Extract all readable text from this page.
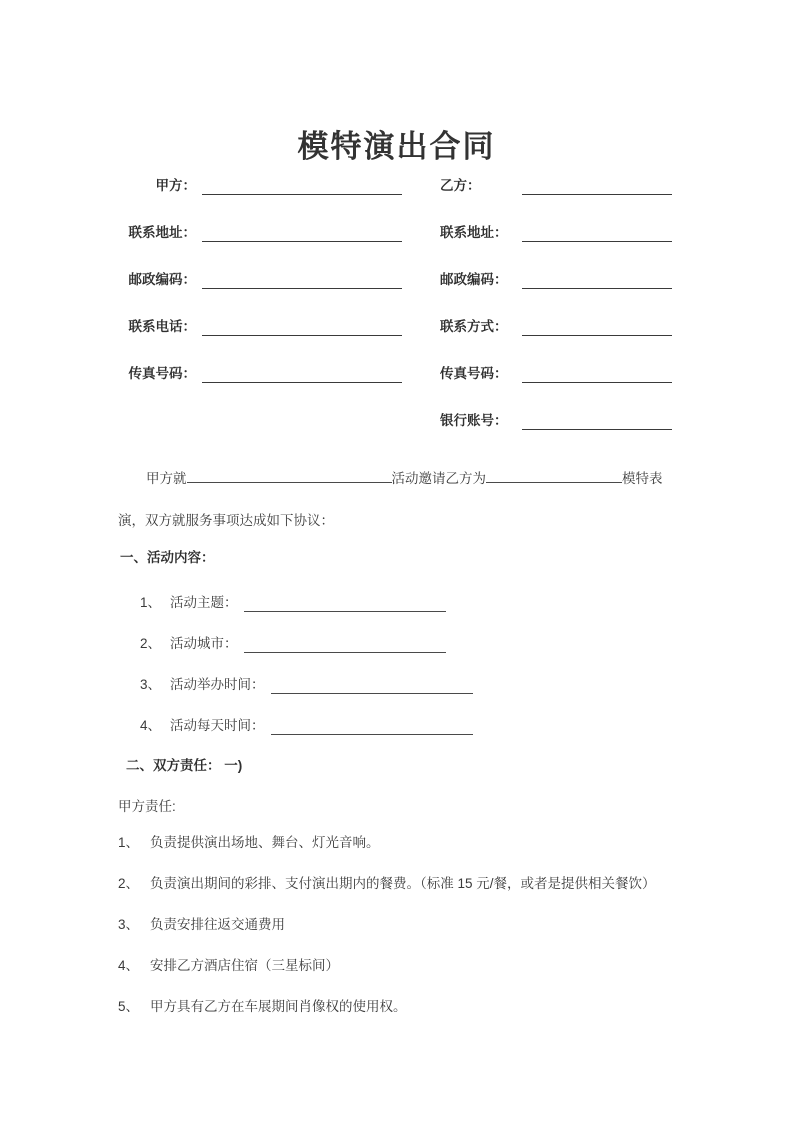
模特演出合同
甲方：
联系地址：
邮政编码：
联系电话：
传真号码：
乙方：
联系地址：
邮政编码：
联系方式：
传真号码：
银行账号：
甲方就	活动邀请乙方为	模特表演，双方就服务事项达成如下协议：
一、活动内容：
1、 活动主题：
2、 活动城市：
3、 活动举办时间：
4、 活动每天时间：
二、双方责任： 一)
甲方责任:
1、 负责提供演出场地、舞台、灯光音响。
2、 负责演出期间的彩排、支付演出期内的餐费。（标准 15 元/餐，或者是提供相关餐饮）
3、 负责安排往返交通费用
4、 安排乙方酒店住宿（三星标间）
5、 甲方具有乙方在车展期间肖像权的使用权。
